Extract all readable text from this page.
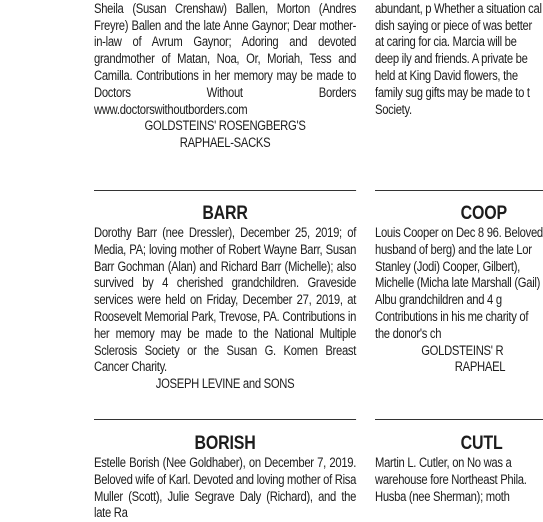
Sheila (Susan Crenshaw) Ballen, Morton (Andres Freyre) Ballen and the late Anne Gaynor; Dear mother-in-law of Avrum Gaynor; Adoring and devoted grandmother of Matan, Noa, Or, Moriah, Tess and Camilla. Contributions in her memory may be made to Doctors Without Borders www.doctorswithoutborders.com

GOLDSTEINS' ROSENGBERG'S

RAPHAEL-SACKS

BARR

Dorothy Barr (nee Dressler), December 25, 2019; of Media, PA; loving mother of Robert Wayne Barr, Susan Barr Gochman (Alan) and Richard Barr (Michelle); also survived by 4 cherished grandchildren. Graveside services were held on Friday, December 27, 2019, at Roosevelt Memorial Park, Trevose, PA. Contributions in her memory may be made to the National Multiple Sclerosis Society or the Susan G. Komen Breast Cancer Charity.

JOSEPH LEVINE and SONS

BORISH

Estelle Borish (Nee Goldhaber), on December 7, 2019. Beloved wife of Karl. Devoted and loving mother of Risa Muller (Scott), Julie Segrave Daly (Richard), and the late Ra

abundant, p Whether a situation cal dish saying or piece of was better at caring for cia. Marcia will be deep ily and friends. A private be held at King David flowers, the family sug gifts may be made to t Society.

COOP

Louis Cooper on Dec 8 96. Beloved husband of berg) and the late Lor Stanley (Jodi) Cooper, Gilbert), Michelle (Micha late Marshall (Gail) Albu grandchildren and 4 g Contributions in his me charity of the donor's ch

GOLDSTEINS' R

RAPHAEL

CUTL

Martin L. Cutler, on No was a warehouse fore Northeast Phila. Husba (nee Sherman); moth
